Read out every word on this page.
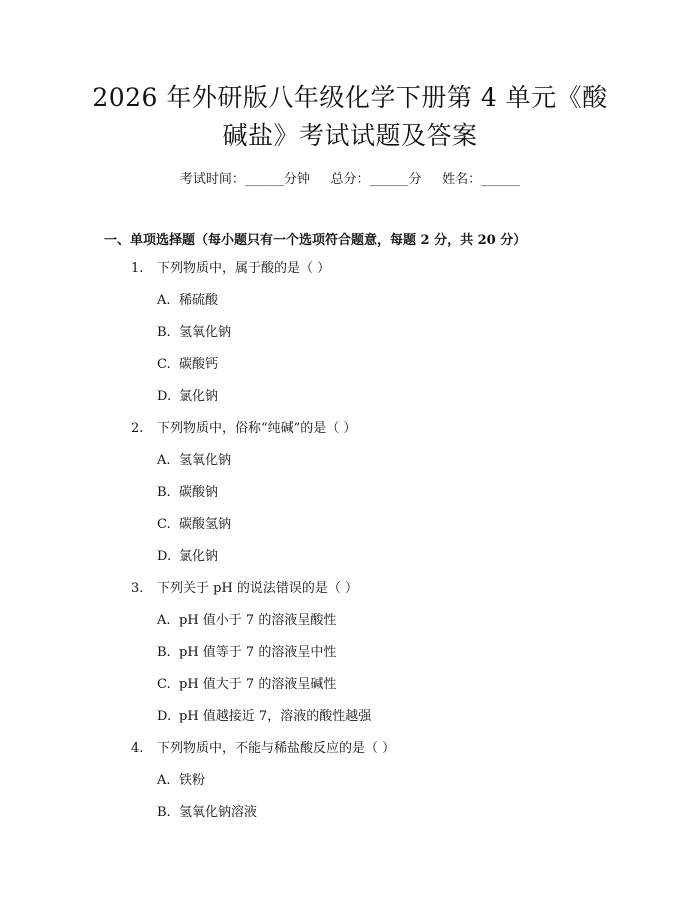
2026 年外研版八年级化学下册第 4 单元《酸
碱盐》考试试题及答案
考试时间：______分钟     总分：______分     姓名：______
一、单项选择题（每小题只有一个选项符合题意，每题 2 分，共 20 分）
1. 下列物质中，属于酸的是（ ）
A. 稀硫酸
B. 氢氧化钠
C. 碳酸钙
D. 氯化钠
2. 下列物质中，俗称“纯碱”的是（ ）
A. 氢氧化钠
B. 碳酸钠
C. 碳酸氢钠
D. 氯化钠
3. 下列关于 pH 的说法错误的是（ ）
A. pH 值小于 7 的溶液呈酸性
B. pH 值等于 7 的溶液呈中性
C. pH 值大于 7 的溶液呈碱性
D. pH 值越接近 7，溶液的酸性越强
4. 下列物质中，不能与稀盐酸反应的是（ ）
A. 铁粉
B. 氢氧化钠溶液
